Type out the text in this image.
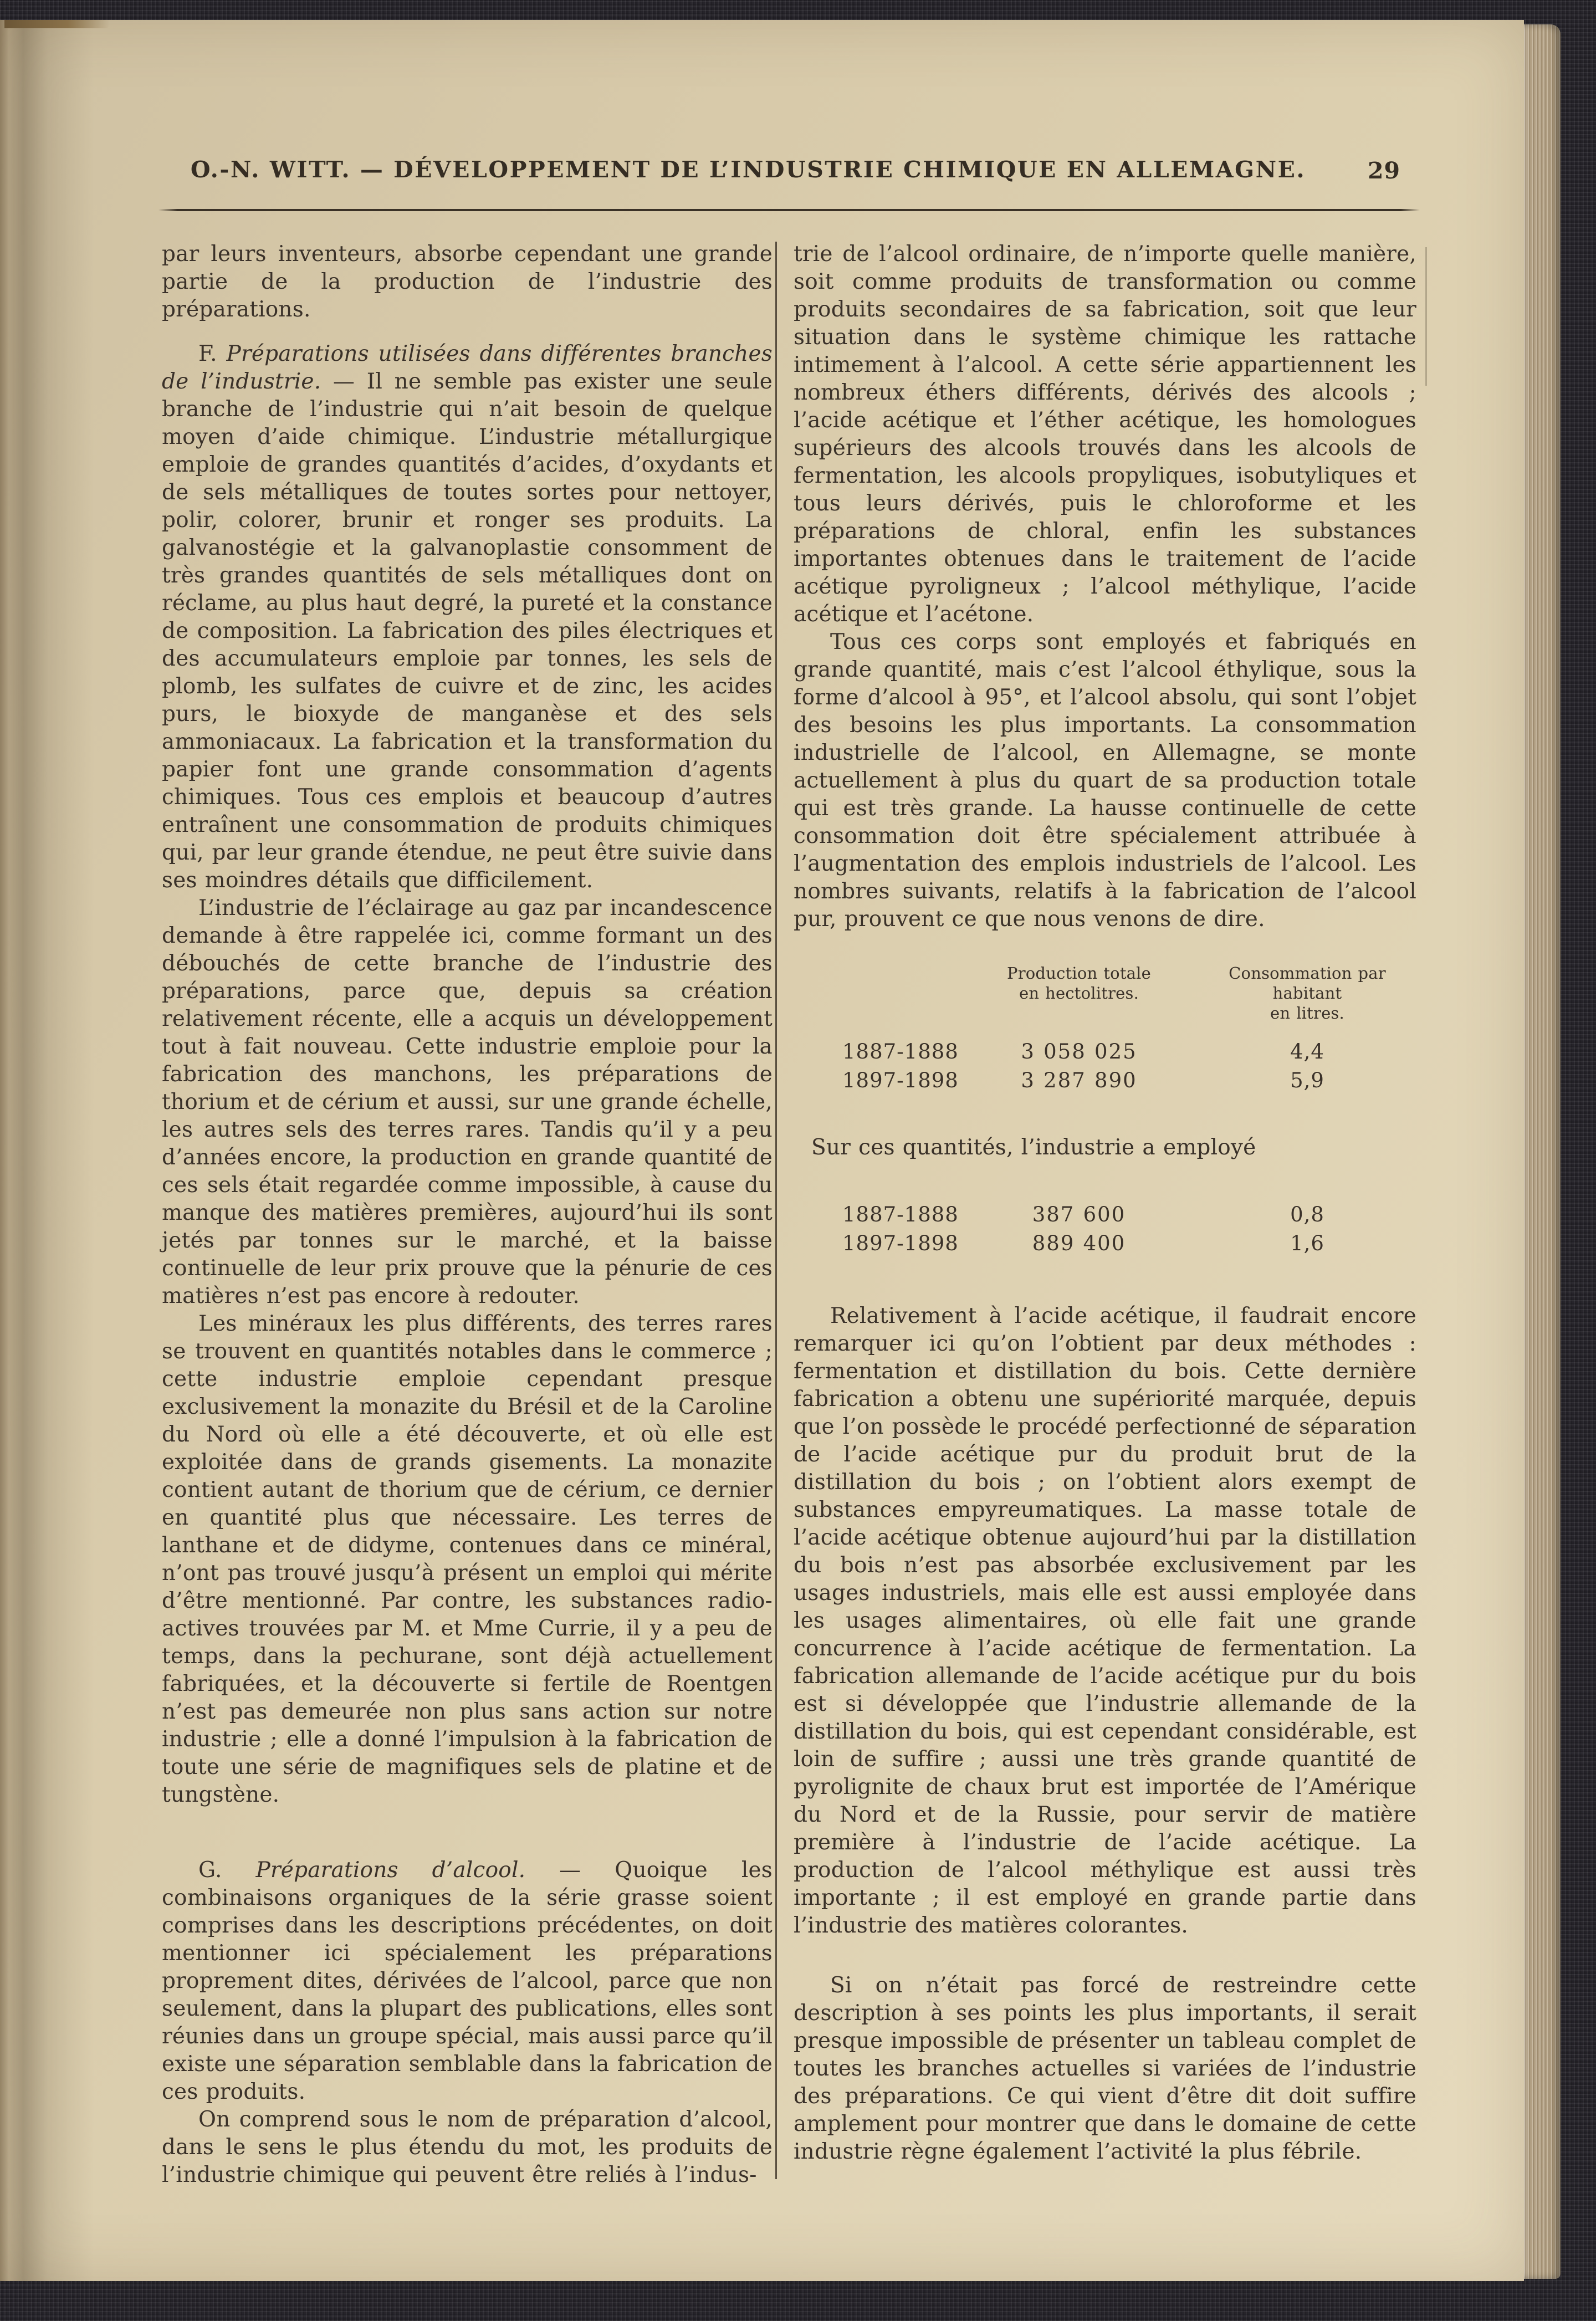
O.-N. WITT. — DÉVELOPPEMENT DE L’INDUSTRIE CHIMIQUE EN ALLEMAGNE.	29

par leurs inventeurs, absorbe cependant une grande partie de la production de l’industrie des préparations.

F. Préparations utilisées dans différentes branches de l’industrie. — Il ne semble pas exister une seule branche de l’industrie qui n’ait besoin de quelque moyen d’aide chimique. L’industrie métallurgique emploie de grandes quantités d’acides, d’oxydants et de sels métalliques de toutes sortes pour nettoyer, polir, colorer, brunir et ronger ses produits. La galvanostégie et la galvanoplastie consomment de très grandes quantités de sels métalliques dont on réclame, au plus haut degré, la pureté et la constance de composition. La fabrication des piles électriques et des accumulateurs emploie par tonnes, les sels de plomb, les sulfates de cuivre et de zinc, les acides purs, le bioxyde de manganèse et des sels ammoniacaux. La fabrication et la transformation du papier font une grande consommation d’agents chimiques. Tous ces emplois et beaucoup d’autres entraînent une consommation de produits chimiques qui, par leur grande étendue, ne peut être suivie dans ses moindres détails que difficilement.

L’industrie de l’éclairage au gaz par incandescence demande à être rappelée ici, comme formant un des débouchés de cette branche de l’industrie des préparations, parce que, depuis sa création relativement récente, elle a acquis un développement tout à fait nouveau. Cette industrie emploie pour la fabrication des manchons, les préparations de thorium et de cérium et aussi, sur une grande échelle, les autres sels des terres rares. Tandis qu’il y a peu d’années encore, la production en grande quantité de ces sels était regardée comme impossible, à cause du manque des matières premières, aujourd’hui ils sont jetés par tonnes sur le marché, et la baisse continuelle de leur prix prouve que la pénurie de ces matières n’est pas encore à redouter.

Les minéraux les plus différents, des terres rares se trouvent en quantités notables dans le commerce ; cette industrie emploie cependant presque exclusivement la monazite du Brésil et de la Caroline du Nord où elle a été découverte, et où elle est exploitée dans de grands gisements. La monazite contient autant de thorium que de cérium, ce dernier en quantité plus que nécessaire. Les terres de lanthane et de didyme, contenues dans ce minéral, n’ont pas trouvé jusqu’à présent un emploi qui mérite d’être mentionné. Par contre, les substances radio-actives trouvées par M. et Mme Currie, il y a peu de temps, dans la pechurane, sont déjà actuellement fabriquées, et la découverte si fertile de Roentgen n’est pas demeurée non plus sans action sur notre industrie ; elle a donné l’impulsion à la fabrication de toute une série de magnifiques sels de platine et de tungstène.

G. Préparations d’alcool. — Quoique les combinaisons organiques de la série grasse soient comprises dans les descriptions précédentes, on doit mentionner ici spécialement les préparations proprement dites, dérivées de l’alcool, parce que non seulement, dans la plupart des publications, elles sont réunies dans un groupe spécial, mais aussi parce qu’il existe une séparation semblable dans la fabrication de ces produits.

On comprend sous le nom de préparation d’alcool, dans le sens le plus étendu du mot, les produits de l’industrie chimique qui peuvent être reliés à l’indus-

trie de l’alcool ordinaire, de n’importe quelle manière, soit comme produits de transformation ou comme produits secondaires de sa fabrication, soit que leur situation dans le système chimique les rattache intimement à l’alcool. A cette série appartiennent les nombreux éthers différents, dérivés des alcools ; l’acide acétique et l’éther acétique, les homologues supérieurs des alcools trouvés dans les alcools de fermentation, les alcools propyliques, isobutyliques et tous leurs dérivés, puis le chloroforme et les préparations de chloral, enfin les substances importantes obtenues dans le traitement de l’acide acétique pyroligneux ; l’alcool méthylique, l’acide acétique et l’acétone.

Tous ces corps sont employés et fabriqués en grande quantité, mais c’est l’alcool éthylique, sous la forme d’alcool à 95°, et l’alcool absolu, qui sont l’objet des besoins les plus importants. La consommation industrielle de l’alcool, en Allemagne, se monte actuellement à plus du quart de sa production totale qui est très grande. La hausse continuelle de cette consommation doit être spécialement attribuée à l’augmentation des emplois industriels de l’alcool. Les nombres suivants, relatifs à la fabrication de l’alcool pur, prouvent ce que nous venons de dire.

Production totale
en hectolitres.
Consommation par habitant
en litres.
1887-1888	3 058 025	4,4
1897-1898	3 287 890	5,9

Sur ces quantités, l’industrie a employé

1887-1888	387 600	0,8
1897-1898	889 400	1,6

Relativement à l’acide acétique, il faudrait encore remarquer ici qu’on l’obtient par deux méthodes : fermentation et distillation du bois. Cette dernière fabrication a obtenu une supériorité marquée, depuis que l’on possède le procédé perfectionné de séparation de l’acide acétique pur du produit brut de la distillation du bois ; on l’obtient alors exempt de substances empyreumatiques. La masse totale de l’acide acétique obtenue aujourd’hui par la distillation du bois n’est pas absorbée exclusivement par les usages industriels, mais elle est aussi employée dans les usages alimentaires, où elle fait une grande concurrence à l’acide acétique de fermentation. La fabrication allemande de l’acide acétique pur du bois est si développée que l’industrie allemande de la distillation du bois, qui est cependant considérable, est loin de suffire ; aussi une très grande quantité de pyrolignite de chaux brut est importée de l’Amérique du Nord et de la Russie, pour servir de matière première à l’industrie de l’acide acétique. La production de l’alcool méthylique est aussi très importante ; il est employé en grande partie dans l’industrie des matières colorantes.

Si on n’était pas forcé de restreindre cette description à ses points les plus importants, il serait presque impossible de présenter un tableau complet de toutes les branches actuelles si variées de l’industrie des préparations. Ce qui vient d’être dit doit suffire amplement pour montrer que dans le domaine de cette industrie règne également l’activité la plus fébrile.
